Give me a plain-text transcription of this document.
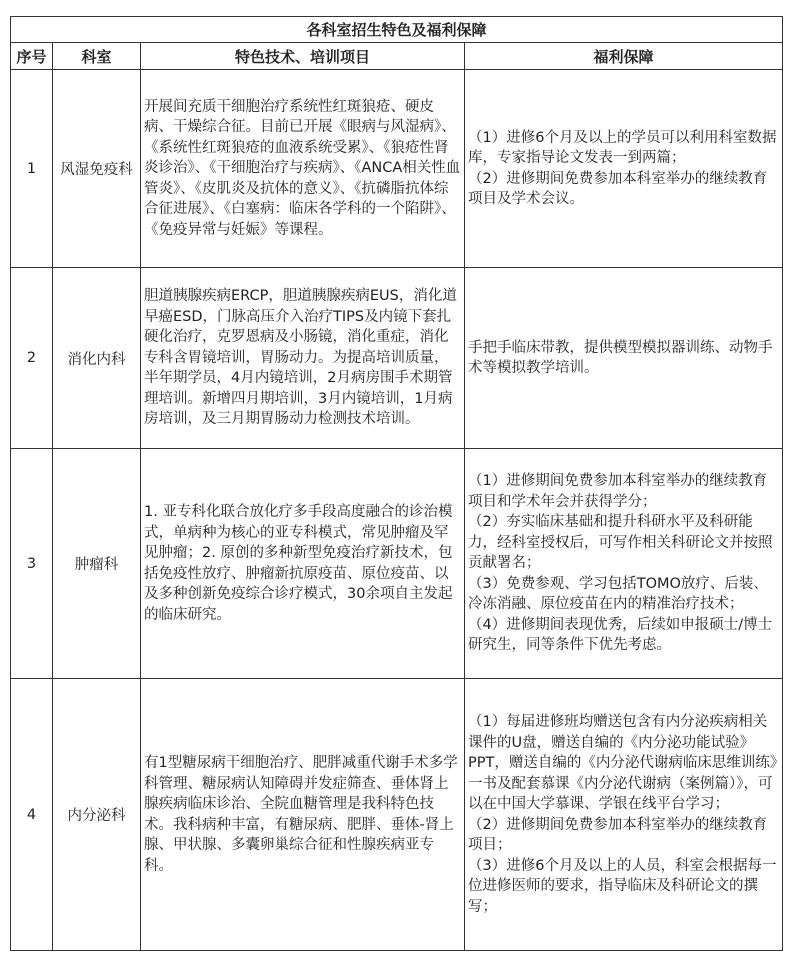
各科室招生特色及福利保障			
序号	科室	特色技术、培训项目	福利保障
1	风湿免疫科	开展间充质干细胞治疗系统性红斑狼疮、硬皮病、干燥综合征。目前已开展《眼病与风湿病》、《系统性红斑狼疮的血液系统受累》、《狼疮性肾炎诊治》、《干细胞治疗与疾病》、《ANCA相关性血管炎》、《皮肌炎及抗体的意义》、《抗磷脂抗体综合征进展》、《白塞病：临床各学科的一个陷阱》、《免疫异常与妊娠》等课程。	（1）进修6个月及以上的学员可以利用科室数据库，专家指导论文发表一到两篇；

（2）进修期间免费参加本科室举办的继续教育项目及学术会议。

2	消化内科	胆道胰腺疾病ERCP，胆道胰腺疾病EUS，消化道早癌ESD，门脉高压介入治疗TIPS及内镜下套扎硬化治疗，克罗恩病及小肠镜，消化重症，消化专科含胃镜培训，胃肠动力。为提高培训质量，半年期学员，4月内镜培训，2月病房围手术期管理培训。新增四月期培训，3月内镜培训，1月病房培训，及三月期胃肠动力检测技术培训。	手把手临床带教，提供模型模拟器训练、动物手术等模拟教学培训。

3	肿瘤科	1. 亚专科化联合放化疗多手段高度融合的诊治模式，单病种为核心的亚专科模式，常见肿瘤及罕见肿瘤；2. 原创的多种新型免疫治疗新技术，包括免疫性放疗、肿瘤新抗原疫苗、原位疫苗、以及多种创新免疫综合诊疗模式，30余项自主发起的临床研究。	（1）进修期间免费参加本科室举办的继续教育项目和学术年会并获得学分；

（2）夯实临床基础和提升科研水平及科研能力，经科室授权后，可写作相关科研论文并按照贡献署名；

（3）免费参观、学习包括TOMO放疗、后装、冷冻消融、原位疫苗在内的精准治疗技术；

（4）进修期间表现优秀，后续如申报硕士/博士研究生，同等条件下优先考虑。

4	内分泌科	有1型糖尿病干细胞治疗、肥胖减重代谢手术多学科管理、糖尿病认知障碍并发症筛查、垂体肾上腺疾病临床诊治、全院血糖管理是我科特色技术。我科病种丰富，有糖尿病、肥胖、垂体-肾上腺、甲状腺、多囊卵巢综合征和性腺疾病亚专科。	（1）每届进修班均赠送包含有内分泌疾病相关课件的U盘，赠送自编的《内分泌功能试验》PPT，赠送自编的《内分泌代谢病临床思维训练》一书及配套慕课《内分泌代谢病（案例篇）》，可以在中国大学慕课、学银在线平台学习；

（2）进修期间免费参加本科室举办的继续教育项目；

（3）进修6个月及以上的人员，科室会根据每一位进修医师的要求，指导临床及科研论文的撰写；
